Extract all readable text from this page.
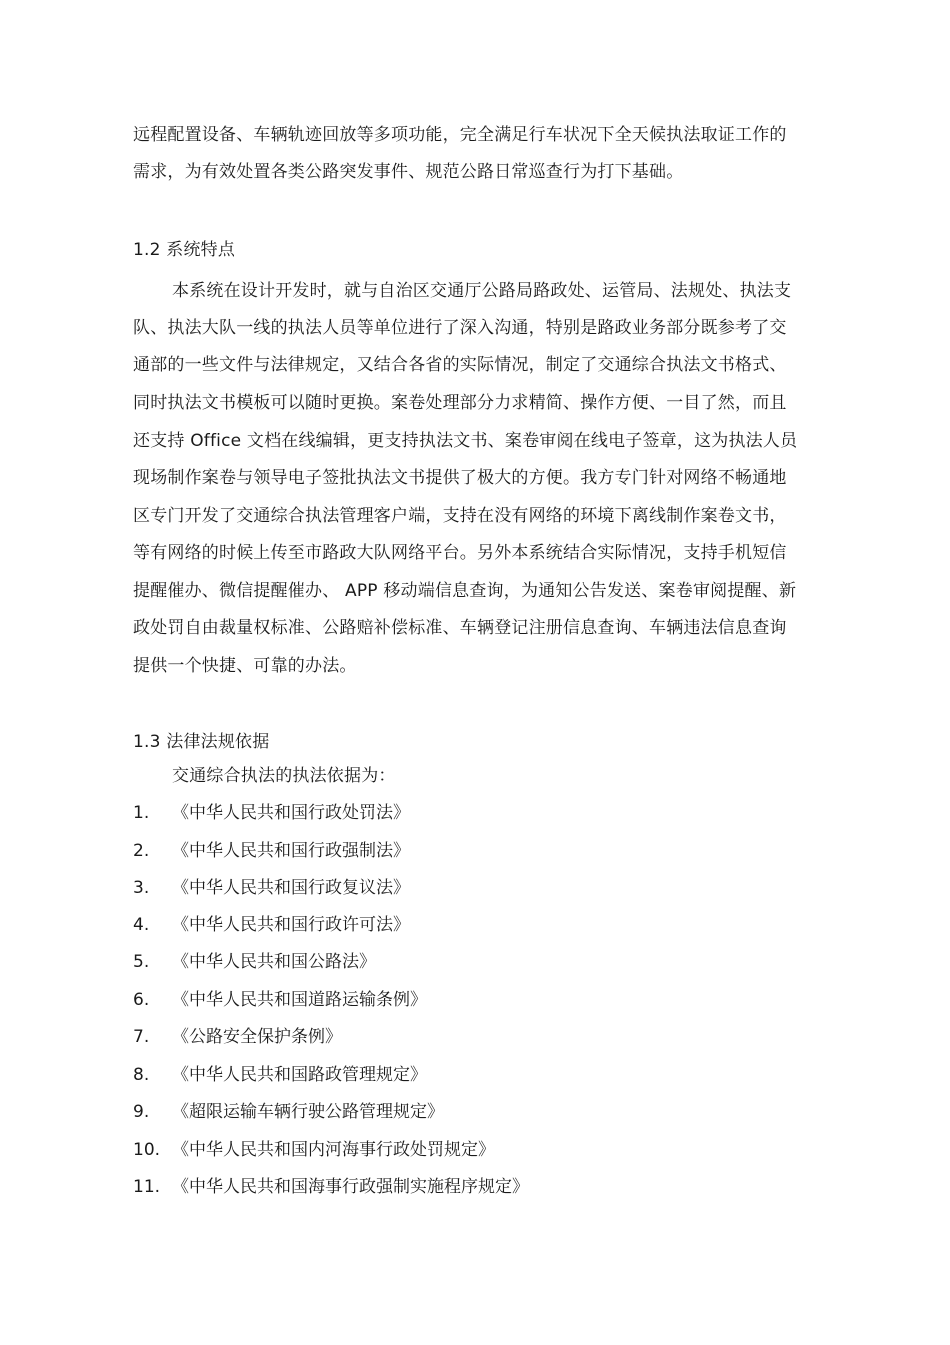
远程配置设备、车辆轨迹回放等多项功能，完全满足行车状况下全天候执法取证工作的
需求，为有效处置各类公路突发事件、规范公路日常巡查行为打下基础。
1.2 系统特点
本系统在设计开发时，就与自治区交通厅公路局路政处、运管局、法规处、执法支
队、执法大队一线的执法人员等单位进行了深入沟通，特别是路政业务部分既参考了交
通部的一些文件与法律规定，又结合各省的实际情况，制定了交通综合执法文书格式、
同时执法文书模板可以随时更换。案卷处理部分力求精简、操作方便、一目了然，而且
还支持 Office 文档在线编辑，更支持执法文书、案卷审阅在线电子签章，这为执法人员
现场制作案卷与领导电子签批执法文书提供了极大的方便。我方专门针对网络不畅通地
区专门开发了交通综合执法管理客户端，支持在没有网络的环境下离线制作案卷文书，
等有网络的时候上传至市路政大队网络平台。另外本系统结合实际情况，支持手机短信
提醒催办、微信提醒催办、 APP 移动端信息查询，为通知公告发送、案卷审阅提醒、新
政处罚自由裁量权标准、公路赔补偿标准、车辆登记注册信息查询、车辆违法信息查询
提供一个快捷、可靠的办法。
1.3 法律法规依据
交通综合执法的执法依据为：
1. 《中华人民共和国行政处罚法》
2. 《中华人民共和国行政强制法》
3. 《中华人民共和国行政复议法》
4. 《中华人民共和国行政许可法》
5. 《中华人民共和国公路法》
6. 《中华人民共和国道路运输条例》
7. 《公路安全保护条例》
8. 《中华人民共和国路政管理规定》
9. 《超限运输车辆行驶公路管理规定》
10. 《中华人民共和国内河海事行政处罚规定》
11. 《中华人民共和国海事行政强制实施程序规定》
